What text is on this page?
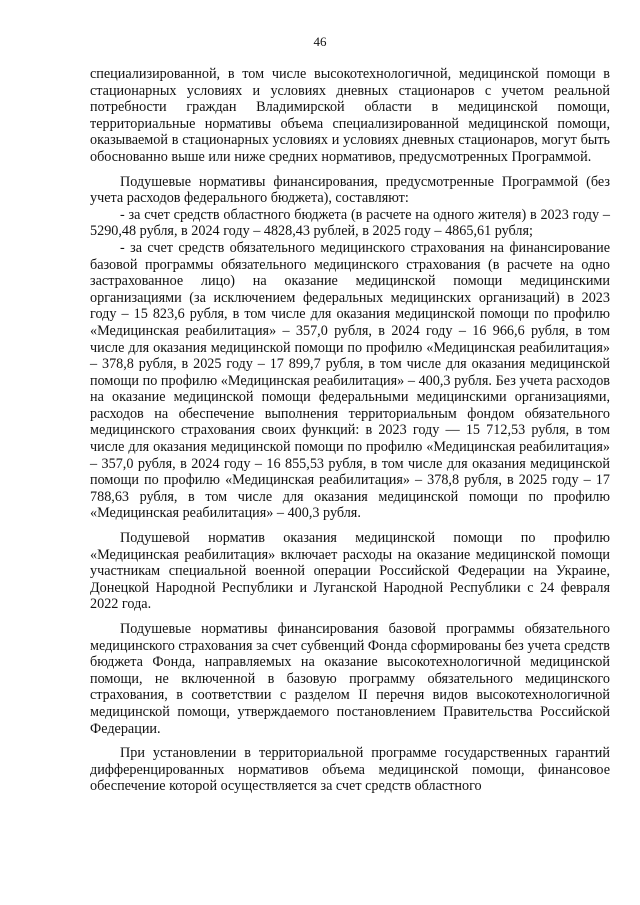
46

специализированной, в том числе высокотехнологичной, медицинской помощи в стационарных условиях и условиях дневных стационаров с учетом реальной потребности граждан Владимирской области в медицинской помощи, территориальные нормативы объема специализированной медицинской помощи, оказываемой в стационарных условиях и условиях дневных стационаров, могут быть обоснованно выше или ниже средних нормативов, предусмотренных Программой.

Подушевые нормативы финансирования, предусмотренные Программой (без учета расходов федерального бюджета), составляют:

- за счет средств областного бюджета (в расчете на одного жителя) в 2023 году – 5290,48 рубля, в 2024 году – 4828,43 рублей, в 2025 году – 4865,61 рубля;

- за счет средств обязательного медицинского страхования на финансирование базовой программы обязательного медицинского страхования (в расчете на одно застрахованное лицо) на оказание медицинской помощи медицинскими организациями (за исключением федеральных медицинских организаций) в 2023 году – 15 823,6 рубля, в том числе для оказания медицинской помощи по профилю «Медицинская реабилитация» – 357,0 рубля, в 2024 году – 16 966,6 рубля, в том числе для оказания медицинской помощи по профилю «Медицинская реабилитация» – 378,8 рубля, в 2025 году – 17 899,7 рубля, в том числе для оказания медицинской помощи по профилю «Медицинская реабилитация» – 400,3 рубля. Без учета расходов на оказание медицинской помощи федеральными медицинскими организациями, расходов на обеспечение выполнения территориальным фондом обязательного медицинского страхования своих функций: в 2023 году — 15 712,53 рубля, в том числе для оказания медицинской помощи по профилю «Медицинская реабилитация» – 357,0 рубля, в 2024 году – 16 855,53 рубля, в том числе для оказания медицинской помощи по профилю «Медицинская реабилитация» – 378,8 рубля, в 2025 году – 17 788,63 рубля, в том числе для оказания медицинской помощи по профилю «Медицинская реабилитация» – 400,3 рубля.

Подушевой норматив оказания медицинской помощи по профилю «Медицинская реабилитация» включает расходы на оказание медицинской помощи участникам специальной военной операции Российской Федерации на Украине, Донецкой Народной Республики и Луганской Народной Республики с 24 февраля 2022 года.

Подушевые нормативы финансирования базовой программы обязательного медицинского страхования за счет субвенций Фонда сформированы без учета средств бюджета Фонда, направляемых на оказание высокотехнологичной медицинской помощи, не включенной в базовую программу обязательного медицинского страхования, в соответствии с разделом II перечня видов высокотехнологичной медицинской помощи, утверждаемого постановлением Правительства Российской Федерации.

При установлении в территориальной программе государственных гарантий дифференцированных нормативов объема медицинской помощи, финансовое обеспечение которой осуществляется за счет средств областного
